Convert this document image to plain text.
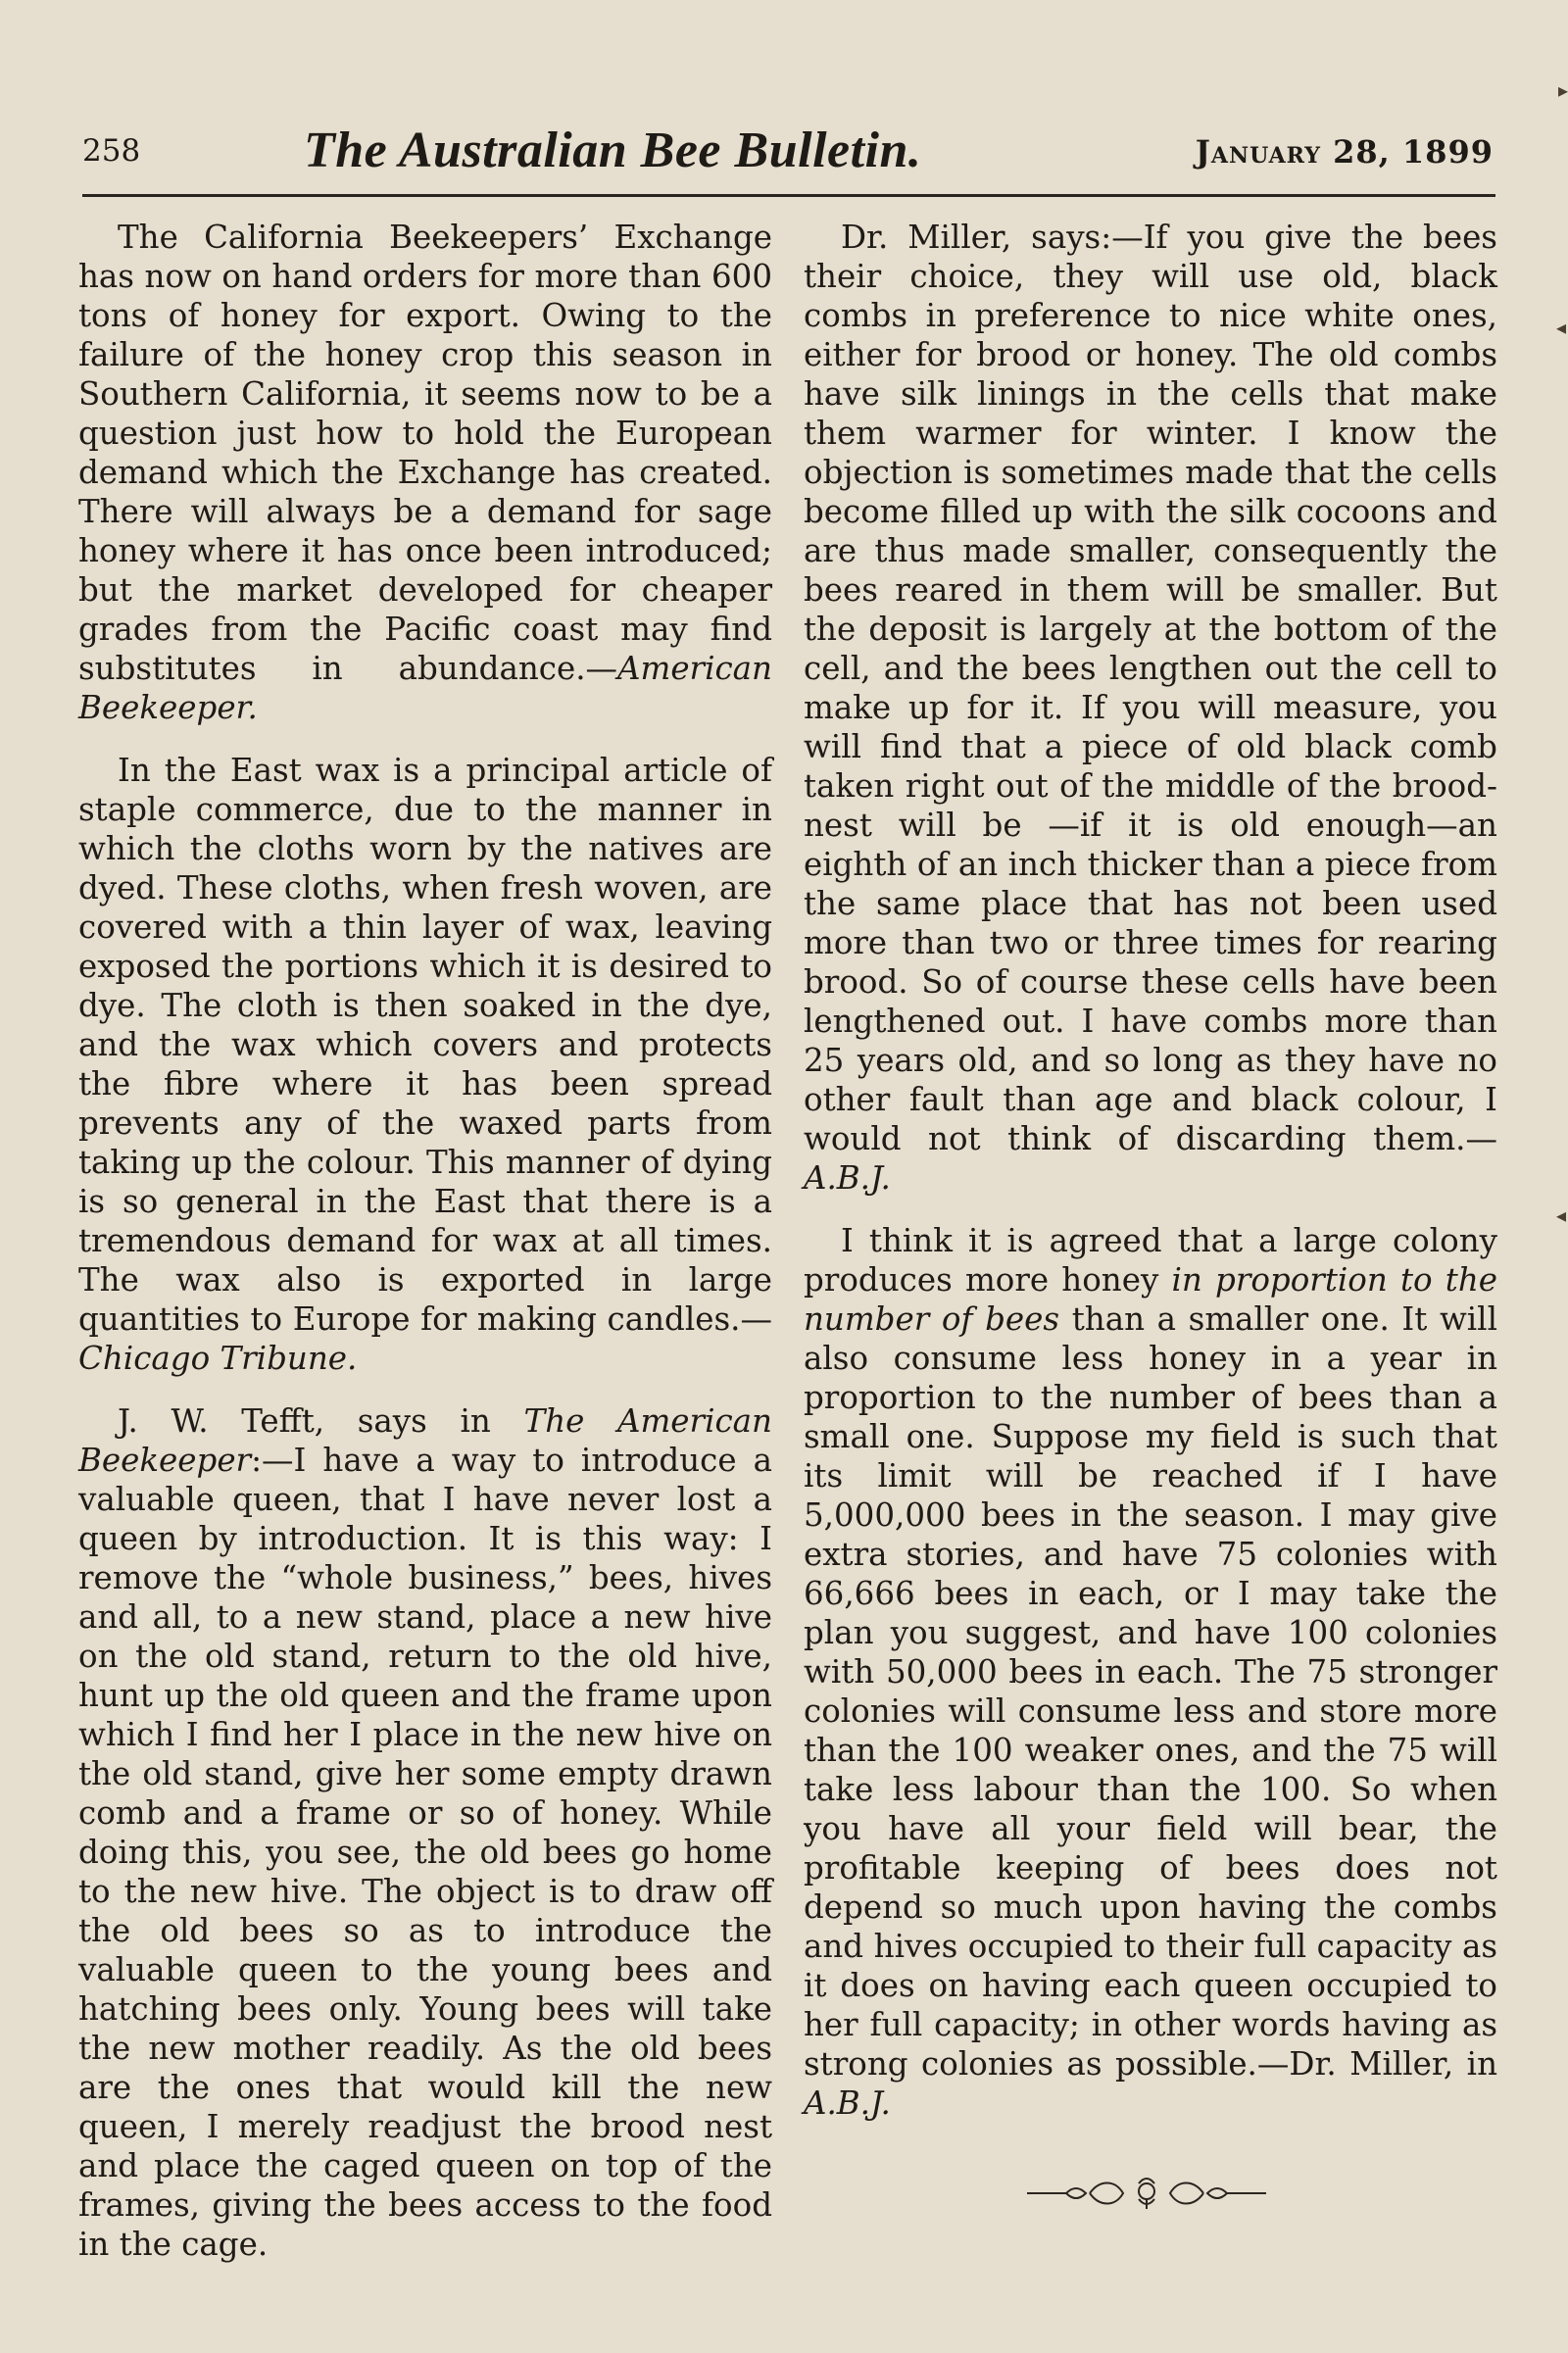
258	The Australian Bee Bulletin.	January 28, 1899

The California Beekeepers’ Exchange has now on hand orders for more than 600 tons of honey for export. Owing to the failure of the honey crop this season in Southern California, it seems now to be a question just how to hold the European demand which the Exchange has created. There will always be a demand for sage honey where it has once been introduced; but the market developed for cheaper grades from the Pacific coast may find substitutes in abundance.—American Beekeeper.

In the East wax is a principal article of staple commerce, due to the manner in which the cloths worn by the natives are dyed. These cloths, when fresh woven, are covered with a thin layer of wax, leaving exposed the portions which it is desired to dye. The cloth is then soaked in the dye, and the wax which covers and protects the fibre where it has been spread prevents any of the waxed parts from taking up the colour. This manner of dying is so general in the East that there is a tremendous demand for wax at all times. The wax also is exported in large quantities to Europe for making candles.—Chicago Tribune.

J. W. Tefft, says in The American Beekeeper:—I have a way to introduce a valuable queen, that I have never lost a queen by introduction. It is this way: I remove the “whole business,” bees, hives and all, to a new stand, place a new hive on the old stand, return to the old hive, hunt up the old queen and the frame upon which I find her I place in the new hive on the old stand, give her some empty drawn comb and a frame or so of honey. While doing this, you see, the old bees go home to the new hive. The object is to draw off the old bees so as to introduce the valuable queen to the young bees and hatching bees only. Young bees will take the new mother readily. As the old bees are the ones that would kill the new queen, I merely readjust the brood nest and place the caged queen on top of the frames, giving the bees access to the food in the cage.

Dr. Miller, says:—If you give the bees their choice, they will use old, black combs in preference to nice white ones, either for brood or honey. The old combs have silk linings in the cells that make them warmer for winter. I know the objection is sometimes made that the cells become filled up with the silk cocoons and are thus made smaller, consequently the bees reared in them will be smaller. But the deposit is largely at the bottom of the cell, and the bees lengthen out the cell to make up for it. If you will measure, you will find that a piece of old black comb taken right out of the middle of the brood-nest will be —if it is old enough—an eighth of an inch thicker than a piece from the same place that has not been used more than two or three times for rearing brood. So of course these cells have been lengthened out. I have combs more than 25 years old, and so long as they have no other fault than age and black colour, I would not think of discarding them.—A.B.J.

I think it is agreed that a large colony produces more honey in proportion to the number of bees than a smaller one. It will also consume less honey in a year in proportion to the number of bees than a small one. Suppose my field is such that its limit will be reached if I have 5,000,000 bees in the season. I may give extra stories, and have 75 colonies with 66,666 bees in each, or I may take the plan you suggest, and have 100 colonies with 50,000 bees in each. The 75 stronger colonies will consume less and store more than the 100 weaker ones, and the 75 will take less labour than the 100. So when you have all your field will bear, the profitable keeping of bees does not depend so much upon having the combs and hives occupied to their full capacity as it does on having each queen occupied to her full capacity; in other words having as strong colonies as possible.—Dr. Miller, in A.B.J.

▸
◂
◂
